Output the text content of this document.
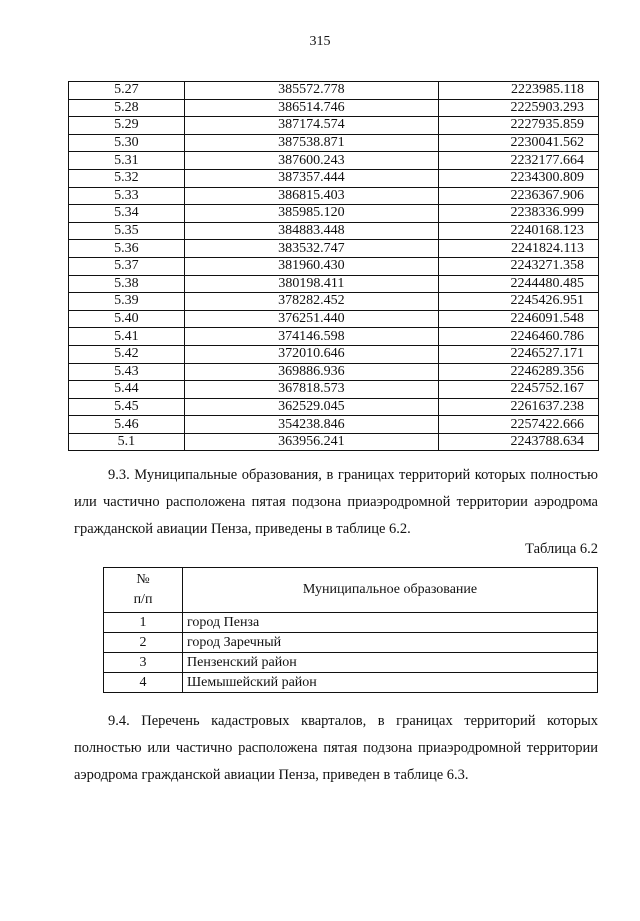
315
5.27	385572.778	2223985.118
5.28	386514.746	2225903.293
5.29	387174.574	2227935.859
5.30	387538.871	2230041.562
5.31	387600.243	2232177.664
5.32	387357.444	2234300.809
5.33	386815.403	2236367.906
5.34	385985.120	2238336.999
5.35	384883.448	2240168.123
5.36	383532.747	2241824.113
5.37	381960.430	2243271.358
5.38	380198.411	2244480.485
5.39	378282.452	2245426.951
5.40	376251.440	2246091.548
5.41	374146.598	2246460.786
5.42	372010.646	2246527.171
5.43	369886.936	2246289.356
5.44	367818.573	2245752.167
5.45	362529.045	2261637.238
5.46	354238.846	2257422.666
5.1	363956.241	2243788.634

9.3. Муниципальные образования, в границах территорий которых полностью или частично расположена пятая подзона приаэродромной территории аэродрома гражданской авиации Пенза, приведены в таблице 6.2.

Таблица 6.2
№
п/п	Муниципальное образование
1	город Пенза
2	город Заречный
3	Пензенский район
4	Шемышейский район

9.4. Перечень кадастровых кварталов, в границах территорий которых полностью или частично расположена пятая подзона приаэродромной территории аэродрома гражданской авиации Пенза, приведен в таблице 6.3.
